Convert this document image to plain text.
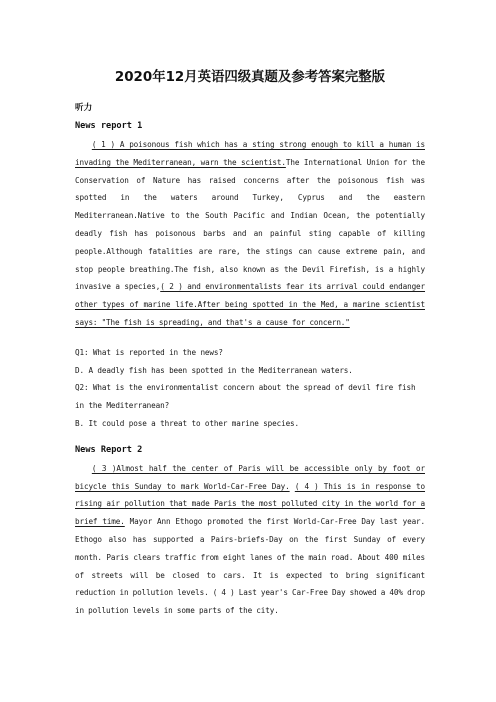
2020年12月英语四级真题及参考答案完整版
听力
News report 1

( 1 ) A poisonous fish which has a sting strong enough to kill a human is invading the Mediterranean, warn the scientist.The International Union for the Conservation of Nature has raised concerns after the poisonous fish was spotted in the waters around Turkey, Cyprus and the eastern Mediterranean.Native to the South Pacific and Indian Ocean, the potentially deadly fish has poisonous barbs and an painful sting capable of killing people.Although fatalities are rare, the stings can cause extreme pain, and stop people breathing.The fish, also known as the Devil Firefish, is a highly invasive a species,( 2 ) and environmentalists fear its arrival could endanger other types of marine life.After being spotted in the Med, a marine scientist says: "The fish is spreading, and that's a cause for concern."

Q1: What is reported in the news?

D. A deadly fish has been spotted in the Mediterranean waters.

Q2: What is the environmentalist concern about the spread of devil fire fish in the Mediterranean?

B. It could pose a threat to other marine species.

News Report 2

( 3 )Almost half the center of Paris will be accessible only by foot or bicycle this Sunday to mark World-Car-Free Day. ( 4 ) This is in response to rising air pollution that made Paris the most polluted city in the world for a brief time. Mayor Ann Ethogo promoted the first World-Car-Free Day last year. Ethogo also has supported a Pairs-briefs-Day on the first Sunday of every month. Paris clears traffic from eight lanes of the main road. About 400 miles of streets will be closed to cars. It is expected to bring significant reduction in pollution levels. ( 4 ) Last year's Car-Free Day showed a 40% drop in pollution levels in some parts of the city.
